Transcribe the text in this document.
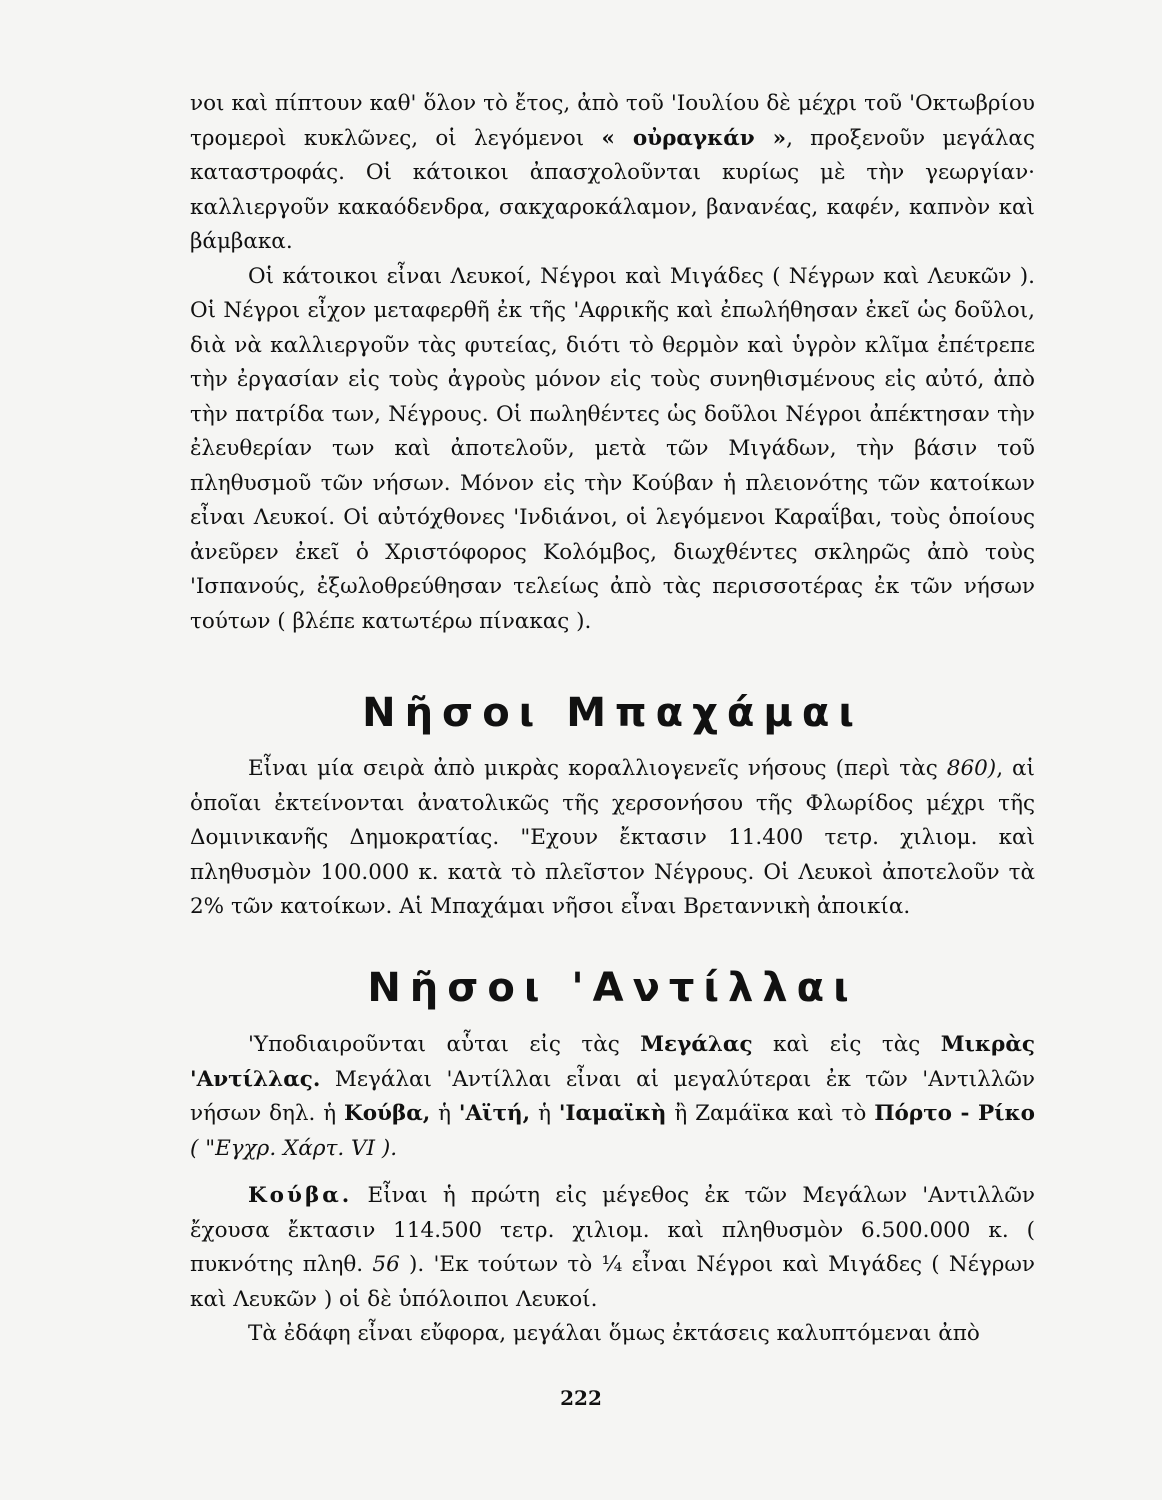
νοι καὶ πίπτουν καθ' ὅλον τὸ ἔτος, ἀπὸ τοῦ 'Ιουλίου δὲ μέχρι τοῦ 'Οκτωβρίου τρομεροὶ κυκλῶνες, οἱ λεγόμενοι « οὐραγκάν », προξενοῦν μεγάλας καταστροφάς. Οἱ κάτοικοι ἀπασχολοῦνται κυρίως μὲ τὴν γεωργίαν· καλλιεργοῦν κακαόδενδρα, σακχαροκάλαμον, βανανέας, καφέν, καπνὸν καὶ βάμβακα.

Οἱ κάτοικοι εἶναι Λευκοί, Νέγροι καὶ Μιγάδες ( Νέγρων καὶ Λευκῶν ). Οἱ Νέγροι εἶχον μεταφερθῆ ἐκ τῆς 'Αφρικῆς καὶ ἐπωλήθησαν ἐκεῖ ὡς δοῦλοι, διὰ νὰ καλλιεργοῦν τὰς φυτείας, διότι τὸ θερμὸν καὶ ὑγρὸν κλῖμα ἐπέτρεπε τὴν ἐργασίαν εἰς τοὺς ἀγροὺς μόνον εἰς τοὺς συνηθισμένους εἰς αὐτό, ἀπὸ τὴν πατρίδα των, Νέγρους. Οἱ πωληθέντες ὡς δοῦλοι Νέγροι ἀπέκτησαν τὴν ἐλευθερίαν των καὶ ἀποτελοῦν, μετὰ τῶν Μιγάδων, τὴν βάσιν τοῦ πληθυσμοῦ τῶν νήσων. Μόνον εἰς τὴν Κούβαν ἡ πλειονότης τῶν κατοίκων εἶναι Λευκοί. Οἱ αὐτόχθονες 'Ινδιάνοι, οἱ λεγόμενοι Καραΐβαι, τοὺς ὁποίους ἀνεῦρεν ἐκεῖ ὁ Χριστόφορος Κολόμβος, διωχθέντες σκληρῶς ἀπὸ τοὺς 'Ισπανούς, ἐξωλοθρεύθησαν τελείως ἀπὸ τὰς περισσοτέρας ἐκ τῶν νήσων τούτων ( βλέπε κατωτέρω πίνακας ).

Νῆσοι Μπαχάμαι

Εἶναι μία σειρὰ ἀπὸ μικρὰς κοραλλιογενεῖς νήσους (περὶ τὰς 860), αἱ ὁποῖαι ἐκτείνονται ἀνατολικῶς τῆς χερσονήσου τῆς Φλωρίδος μέχρι τῆς Δομινικανῆς Δημοκρατίας. "Εχουν ἔκτασιν 11.400 τετρ. χιλιομ. καὶ πληθυσμὸν 100.000 κ. κατὰ τὸ πλεῖστον Νέγρους. Οἱ Λευκοὶ ἀποτελοῦν τὰ 2% τῶν κατοίκων. Αἱ Μπαχάμαι νῆσοι εἶναι Βρεταννικὴ ἀποικία.

Νῆσοι 'Αντίλλαι

'Υποδιαιροῦνται αὗται εἰς τὰς Μεγάλας καὶ εἰς τὰς Μικρὰς 'Αντίλλας. Μεγάλαι 'Αντίλλαι εἶναι αἱ μεγαλύτεραι ἐκ τῶν 'Αντιλλῶν νήσων δηλ. ἡ Κούβα, ἡ 'Αϊτή, ἡ 'Ιαμαϊκὴ ἢ Ζαμάϊκα καὶ τὸ Πόρτο - Ρίκο ( "Εγχρ. Χάρτ. VI ).

Κούβα. Εἶναι ἡ πρώτη εἰς μέγεθος ἐκ τῶν Μεγάλων 'Αντιλλῶν ἔχουσα ἔκτασιν 114.500 τετρ. χιλιομ. καὶ πληθυσμὸν 6.500.000 κ. ( πυκνότης πληθ. 56 ). 'Εκ τούτων τὸ ¼ εἶναι Νέγροι καὶ Μιγάδες ( Νέγρων καὶ Λευκῶν ) οἱ δὲ ὑπόλοιποι Λευκοί.

Τὰ ἐδάφη εἶναι εὔφορα, μεγάλαι ὅμως ἐκτάσεις καλυπτόμεναι ἀπὸ

222
